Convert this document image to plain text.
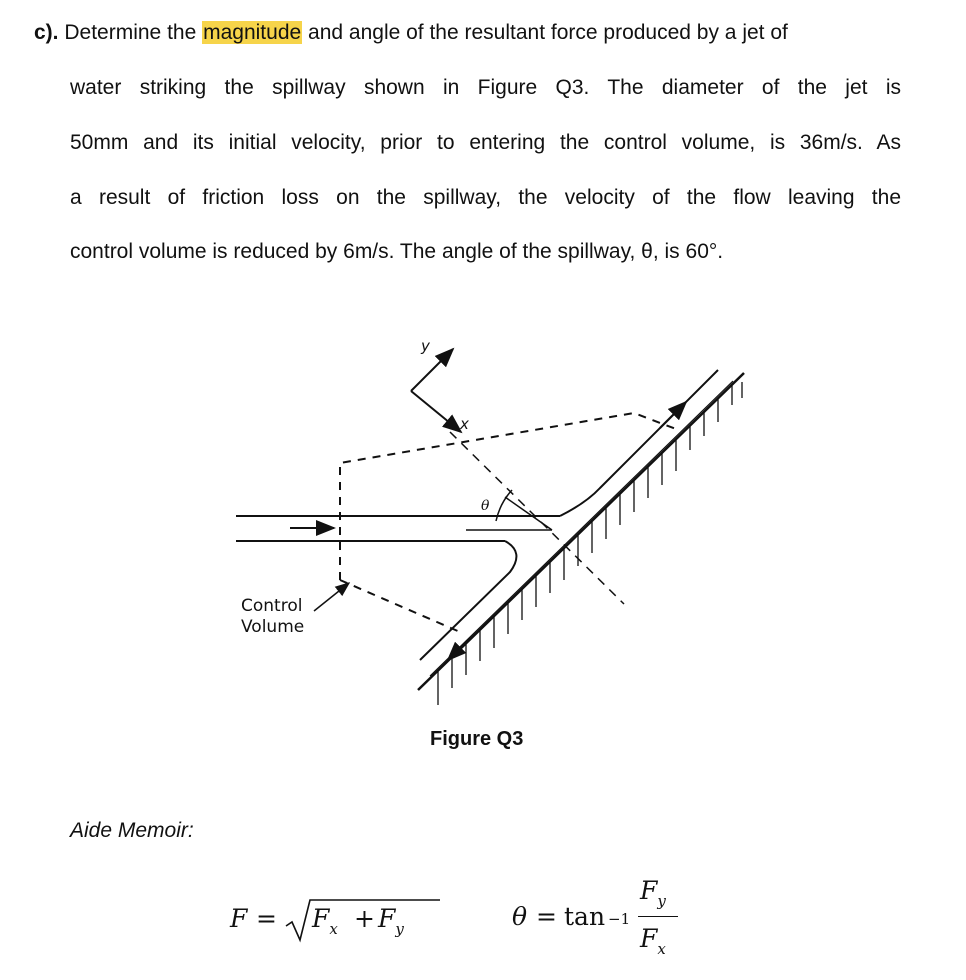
c). Determine the magnitude and angle of the resultant force produced by a jet of
water striking the spillway shown in Figure Q3. The diameter of the jet is
50mm and its initial velocity, prior to entering the control volume, is 36m/s. As
a result of friction loss on the spillway, the velocity of the flow leaving the
control volume is reduced by 6m/s. The angle of the spillway, θ, is 60°.
y
x
θ
Control
Volume
Figure Q3
Aide Memoir:
$F = F_x + F_y$	θ = tan −1
$F_y$
$F_x$
